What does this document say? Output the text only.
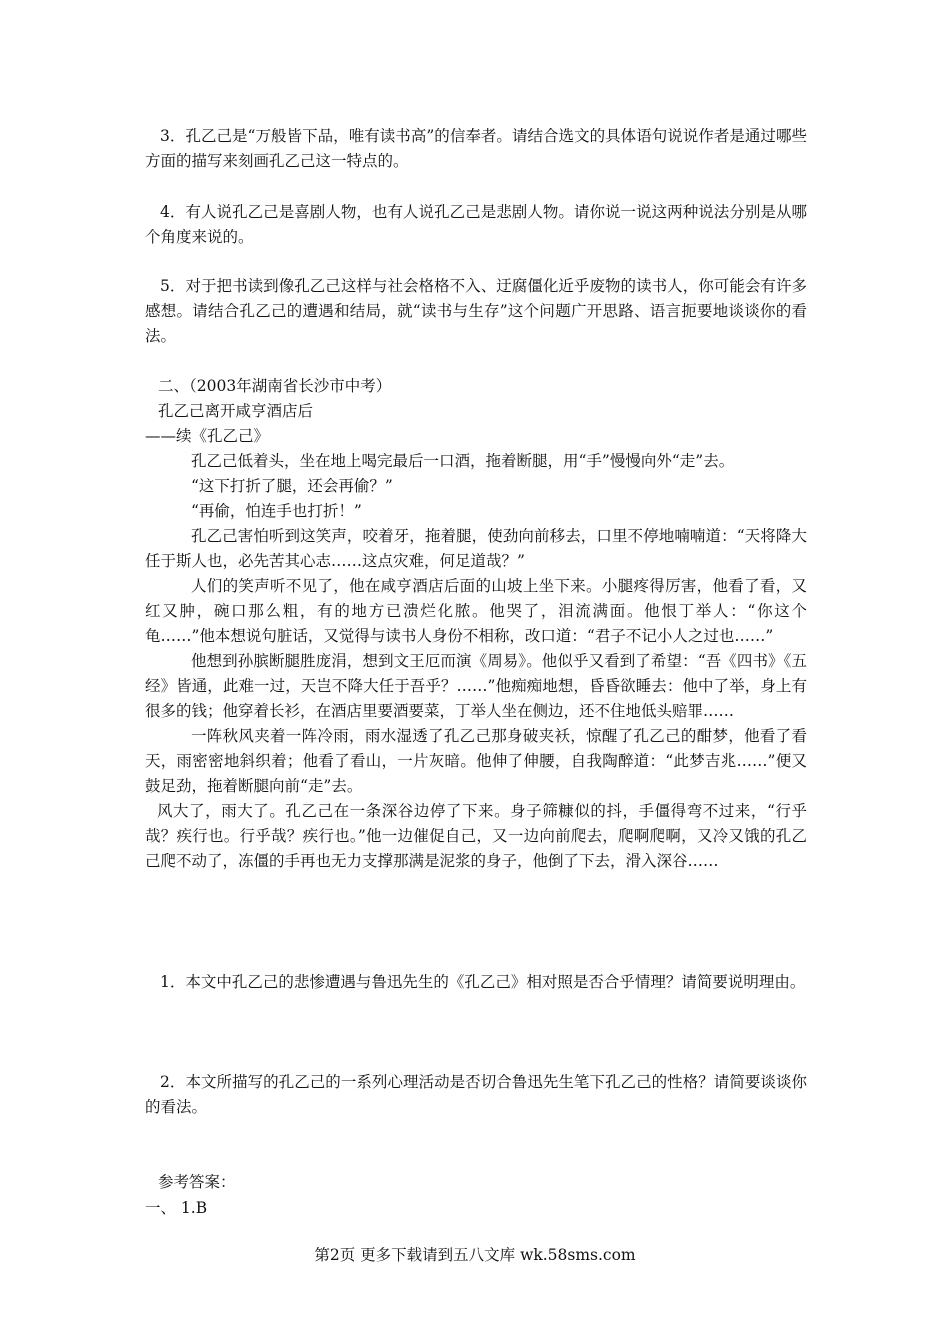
3．孔乙己是“万般皆下品，唯有读书高”的信奉者。请结合选文的具体语句说说作者是通过哪些方面的描写来刻画孔乙己这一特点的。

4．有人说孔乙己是喜剧人物，也有人说孔乙己是悲剧人物。请你说一说这两种说法分别是从哪个角度来说的。

5．对于把书读到像孔乙己这样与社会格格不入、迂腐僵化近乎废物的读书人，你可能会有许多感想。请结合孔乙己的遭遇和结局，就“读书与生存”这个问题广开思路、语言扼要地谈谈你的看法。

二、（2003年湖南省长沙市中考）
孔乙己离开咸亨酒店后
——续《孔乙己》

孔乙己低着头，坐在地上喝完最后一口酒，拖着断腿，用“手”慢慢向外“走”去。

“这下打折了腿，还会再偷？”

“再偷，怕连手也打折！”

孔乙己害怕听到这笑声，咬着牙，拖着腿，使劲向前移去，口里不停地喃喃道：“天将降大任于斯人也，必先苦其心志……这点灾难，何足道哉？”

人们的笑声听不见了，他在咸亨酒店后面的山坡上坐下来。小腿疼得厉害，他看了看，又红又肿，碗口那么粗，有的地方已溃烂化脓。他哭了，泪流满面。他恨丁举人：“你这个龟……”他本想说句脏话，又觉得与读书人身份不相称，改口道：“君子不记小人之过也……”

他想到孙膑断腿胜庞涓，想到文王厄而演《周易》。他似乎又看到了希望：“吾《四书》《五经》皆通，此难一过，天岂不降大任于吾乎？……”他痴痴地想，昏昏欲睡去：他中了举，身上有很多的钱；他穿着长衫，在酒店里要酒要菜，丁举人坐在侧边，还不住地低头赔罪……

一阵秋风夹着一阵冷雨，雨水湿透了孔乙己那身破夹袄，惊醒了孔乙己的酣梦，他看了看天，雨密密地斜织着；他看了看山，一片灰暗。他伸了伸腰，自我陶醉道：“此梦吉兆……”便又鼓足劲，拖着断腿向前“走”去。

风大了，雨大了。孔乙己在一条深谷边停了下来。身子筛糠似的抖，手僵得弯不过来，“行乎哉？疾行也。行乎哉？疾行也。”他一边催促自己，又一边向前爬去，爬啊爬啊，又冷又饿的孔乙己爬不动了，冻僵的手再也无力支撑那满是泥浆的身子，他倒了下去，滑入深谷……

1．本文中孔乙己的悲惨遭遇与鲁迅先生的《孔乙己》相对照是否合乎情理？请简要说明理由。

2．本文所描写的孔乙己的一系列心理活动是否切合鲁迅先生笔下孔乙己的性格？请简要谈谈你的看法。

参考答案：
一、 1.B
第2页 更多下载请到五八文库 wk.58sms.com
